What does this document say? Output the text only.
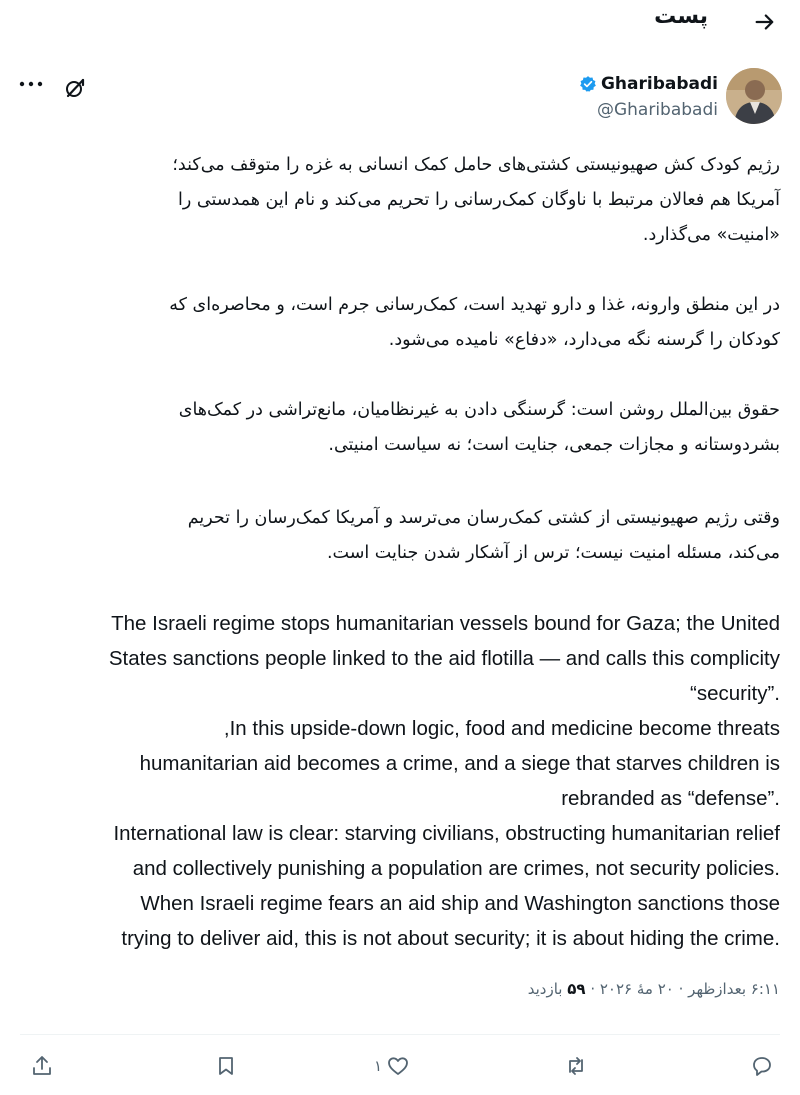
پست
Gharibabadi
@Gharibabadi
رژیم کودک کش صهیونیستی کشتی‌های حامل کمک انسانی به غزه را متوقف می‌کند؛
آمریکا هم فعالان مرتبط با ناوگان کمک‌رسانی را تحریم می‌کند و نام این همدستی را
«امنیت» می‌گذارد.
در این منطق وارونه، غذا و دارو تهدید است، کمک‌رسانی جرم است، و محاصره‌ای که
کودکان را گرسنه نگه می‌دارد، «دفاع» نامیده می‌شود.
حقوق بین‌الملل روشن است: گرسنگی دادن به غیرنظامیان، مانع‌تراشی در کمک‌های
بشردوستانه و مجازات جمعی، جنایت است؛ نه سیاست امنیتی.
وقتی رژیم صهیونیستی از کشتی کمک‌رسان می‌ترسد و آمریکا کمک‌رسان را تحریم
می‌کند، مسئله امنیت نیست؛ ترس از آشکار شدن جنایت است.
The Israeli regime stops humanitarian vessels bound for Gaza; the United
States sanctions people linked to the aid flotilla — and calls this complicity
.”security“
In this upside-down logic, food and medicine become threats,
humanitarian aid becomes a crime, and a siege that starves children is
.”rebranded as “defense
International law is clear: starving civilians, obstructing humanitarian relief
.and collectively punishing a population are crimes, not security policies
When Israeli regime fears an aid ship and Washington sanctions those
.trying to deliver aid, this is not about security; it is about hiding the crime
۶:۱۱ بعدازظهر · ۲۰ مهٔ ۲۰۲۶ · ۵۹ بازدید
۱
